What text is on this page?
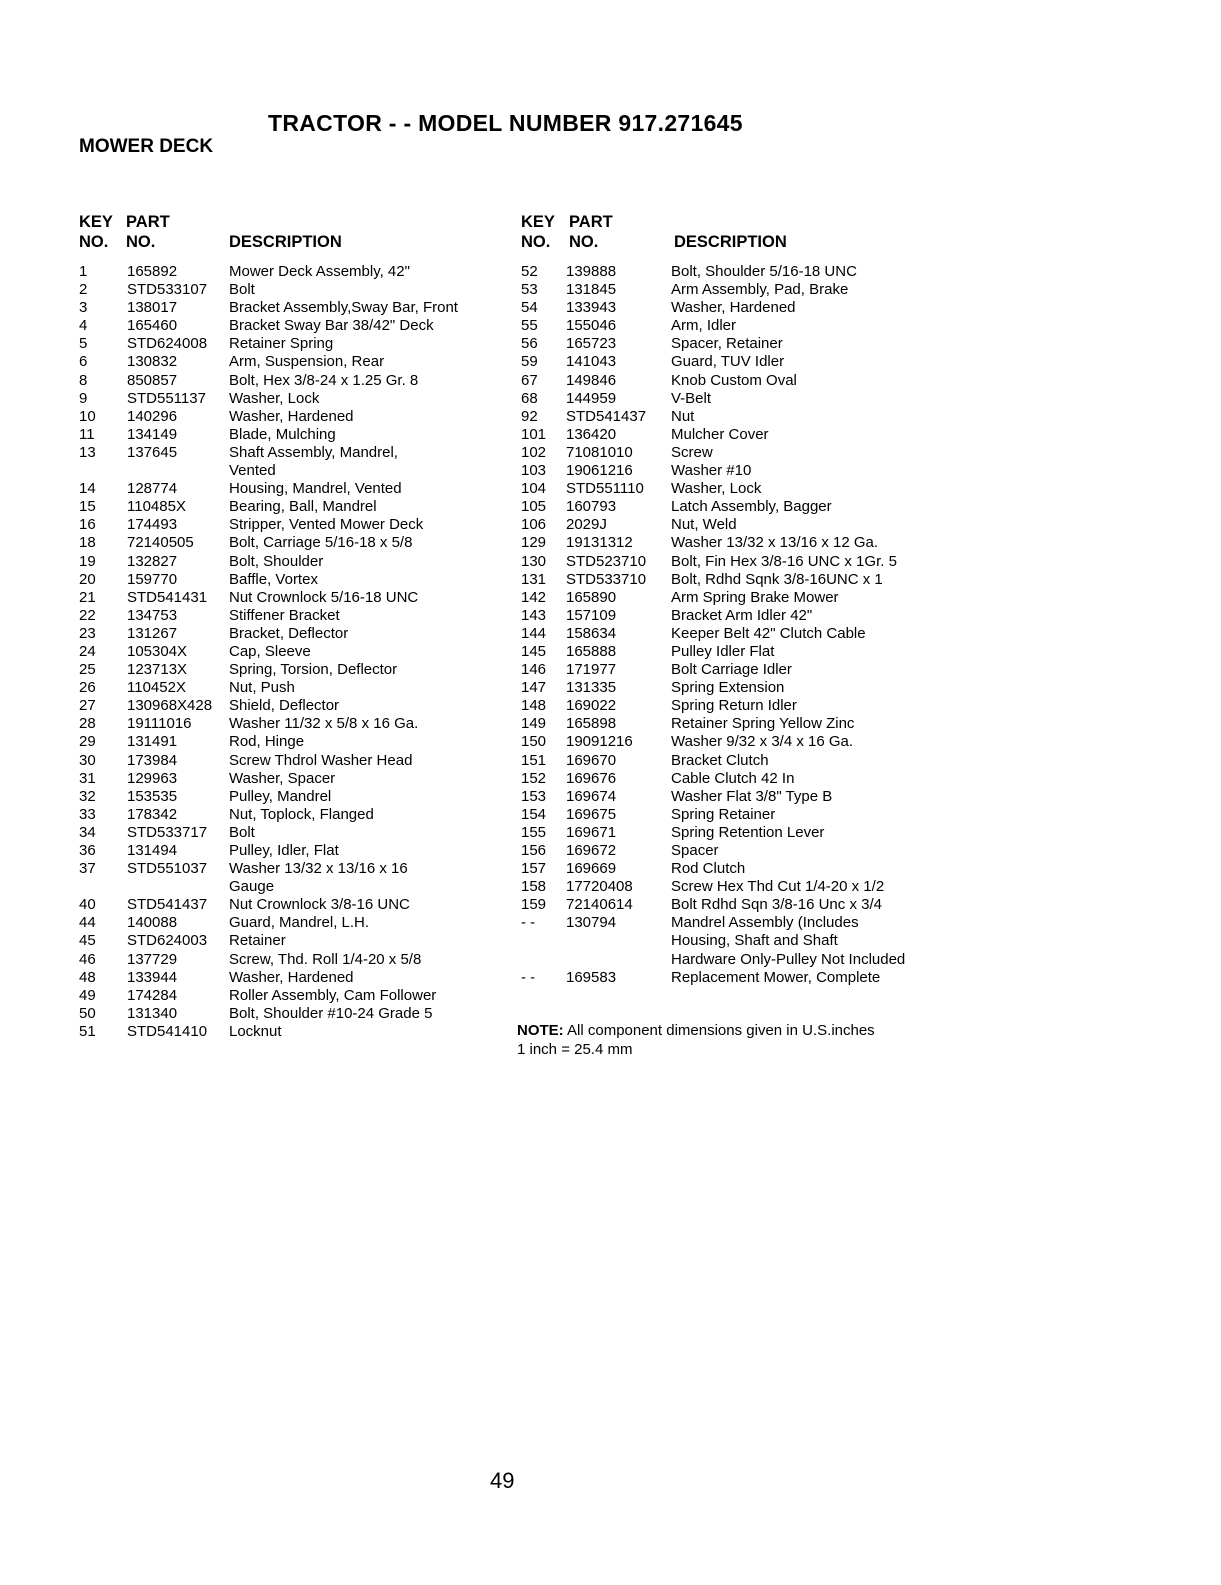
TRACTOR - - MODEL NUMBER 917.271645
MOWER DECK
KEY PART
NO. NO.	DESCRIPTION
1	165892	Mower Deck Assembly, 42"
2	STD533107	Bolt
3	138017	Bracket Assembly,Sway Bar, Front
4	165460	Bracket Sway Bar 38/42" Deck
5	STD624008	Retainer Spring
6	130832	Arm, Suspension, Rear
8	850857	Bolt, Hex 3/8-24 x 1.25 Gr. 8
9	STD551137	Washer, Lock
10	140296	Washer, Hardened
11	134149	Blade, Mulching
13	137645	Shaft Assembly, Mandrel,
Vented
14	128774	Housing, Mandrel, Vented
15	110485X	Bearing, Ball, Mandrel
16	174493	Stripper, Vented Mower Deck
18	72140505	Bolt, Carriage 5/16-18 x 5/8
19	132827	Bolt, Shoulder
20	159770	Baffle, Vortex
21	STD541431	Nut Crownlock 5/16-18 UNC
22	134753	Stiffener Bracket
23	131267	Bracket, Deflector
24	105304X	Cap, Sleeve
25	123713X	Spring, Torsion, Deflector
26	110452X	Nut, Push
27	130968X428	Shield, Deflector
28	19111016	Washer 11/32 x 5/8 x 16 Ga.
29	131491	Rod, Hinge
30	173984	Screw Thdrol Washer Head
31	129963	Washer, Spacer
32	153535	Pulley, Mandrel
33	178342	Nut, Toplock, Flanged
34	STD533717	Bolt
36	131494	Pulley, Idler, Flat
37	STD551037	Washer 13/32 x 13/16 x 16
Gauge
40	STD541437	Nut Crownlock 3/8-16 UNC
44	140088	Guard, Mandrel, L.H.
45	STD624003	Retainer
46	137729	Screw, Thd. Roll 1/4-20 x 5/8
48	133944	Washer, Hardened
49	174284	Roller Assembly, Cam Follower
50	131340	Bolt, Shoulder #10-24 Grade 5
51	STD541410	Locknut
KEY PART
NO. NO.	DESCRIPTION
52	139888	Bolt, Shoulder 5/16-18 UNC
53	131845	Arm Assembly, Pad, Brake
54	133943	Washer, Hardened
55	155046	Arm, Idler
56	165723	Spacer, Retainer
59	141043	Guard, TUV Idler
67	149846	Knob Custom Oval
68	144959	V-Belt
92	STD541437	Nut
101	136420	Mulcher Cover
102	71081010	Screw
103	19061216	Washer #10
104	STD551110	Washer, Lock
105	160793	Latch Assembly, Bagger
106	2029J	Nut, Weld
129	19131312	Washer 13/32 x 13/16 x 12 Ga.
130	STD523710	Bolt, Fin Hex 3/8-16 UNC x 1Gr. 5
131	STD533710	Bolt, Rdhd Sqnk 3/8-16UNC x 1
142	165890	Arm Spring Brake Mower
143	157109	Bracket Arm Idler 42"
144	158634	Keeper Belt 42" Clutch Cable
145	165888	Pulley Idler Flat
146	171977	Bolt Carriage Idler
147	131335	Spring Extension
148	169022	Spring Return Idler
149	165898	Retainer Spring Yellow Zinc
150	19091216	Washer 9/32 x 3/4 x 16 Ga.
151	169670	Bracket Clutch
152	169676	Cable Clutch 42 In
153	169674	Washer Flat 3/8" Type B
154	169675	Spring Retainer
155	169671	Spring Retention Lever
156	169672	Spacer
157	169669	Rod Clutch
158	17720408	Screw Hex Thd Cut 1/4-20 x 1/2
159	72140614	Bolt Rdhd Sqn 3/8-16 Unc x 3/4
- -	130794	Mandrel Assembly (Includes
Housing, Shaft and Shaft
Hardware Only-Pulley Not Included
- -	169583	Replacement Mower, Complete
NOTE: All component dimensions given in U.S.inches
1 inch = 25.4 mm
49
